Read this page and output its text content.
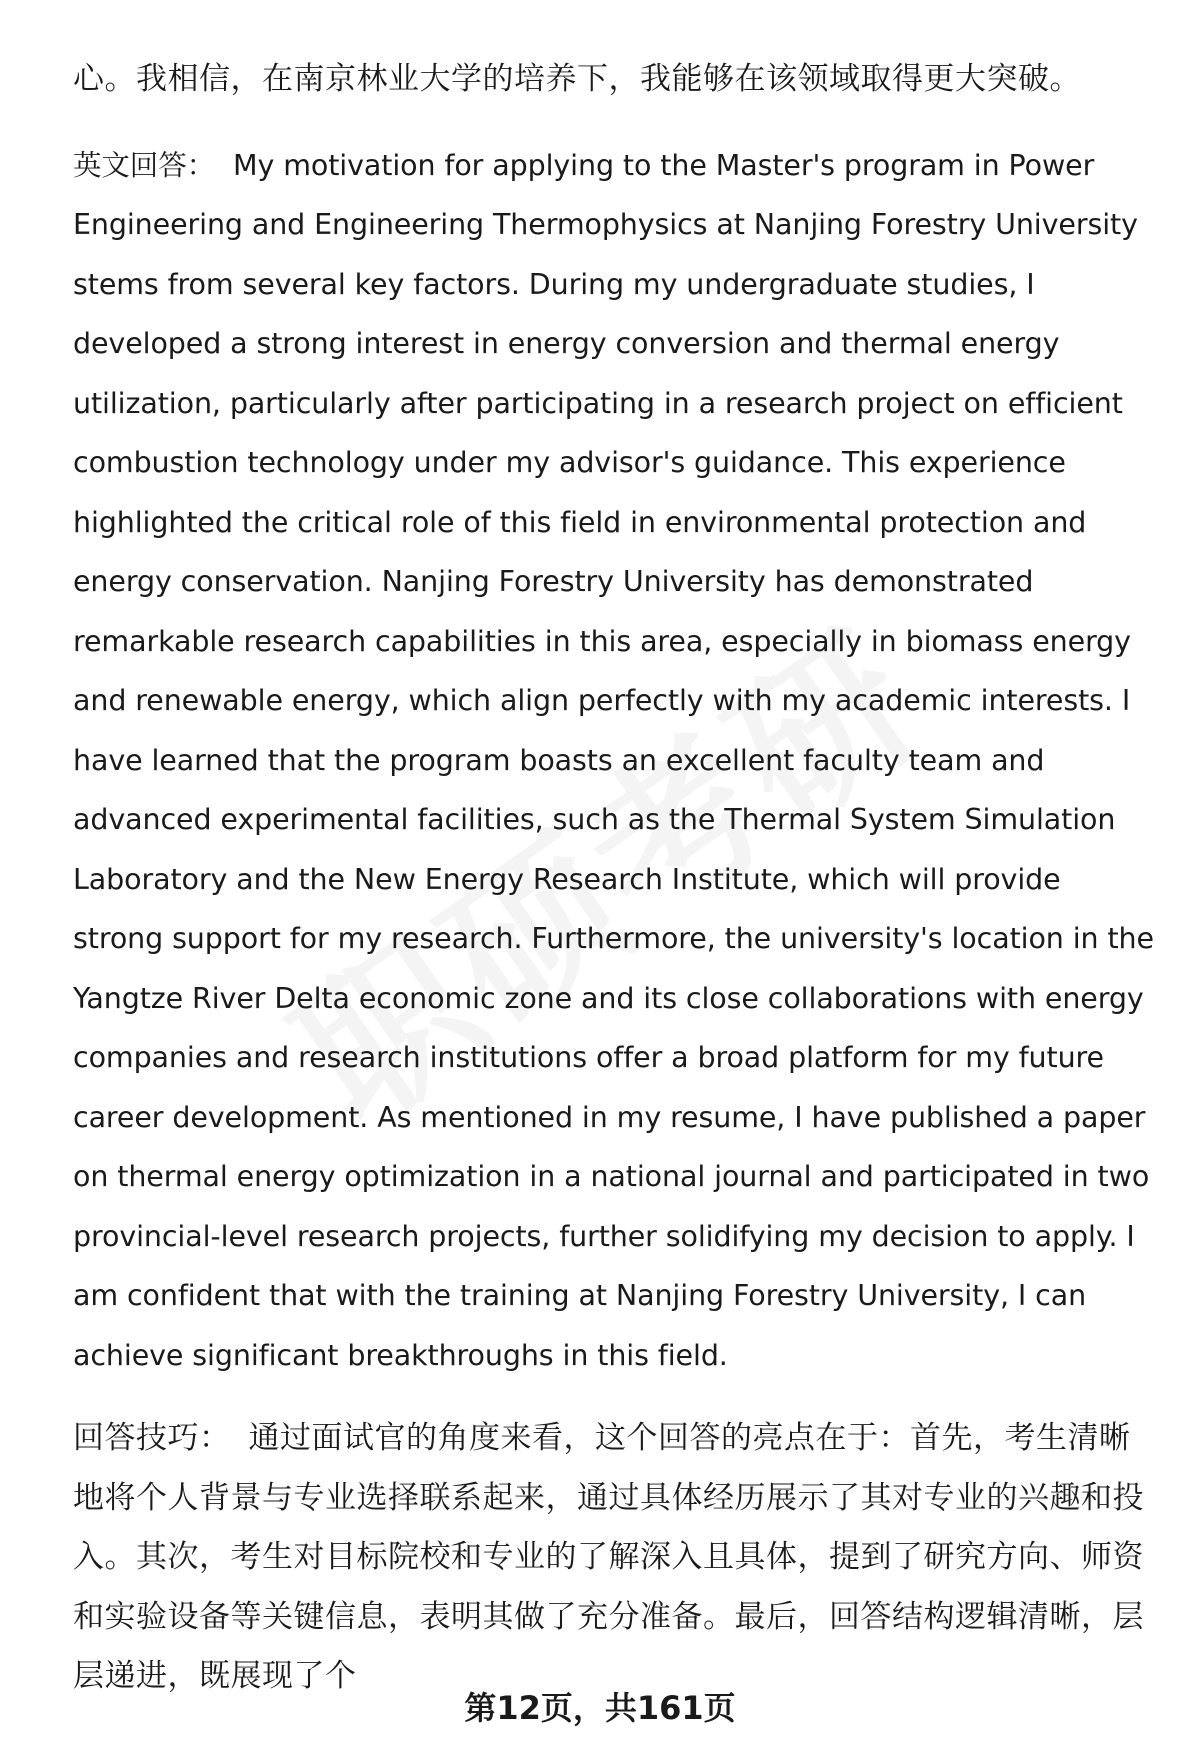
心。我相信，在南京林业大学的培养下，我能够在该领域取得更大突破。

英文回答： My motivation for applying to the Master's program in Power Engineering and Engineering Thermophysics at Nanjing Forestry University stems from several key factors. During my undergraduate studies, I developed a strong interest in energy conversion and thermal energy utilization, particularly after participating in a research project on efficient combustion technology under my advisor's guidance. This experience highlighted the critical role of this field in environmental protection and energy conservation. Nanjing Forestry University has demonstrated remarkable research capabilities in this area, especially in biomass energy and renewable energy, which align perfectly with my academic interests. I have learned that the program boasts an excellent faculty team and advanced experimental facilities, such as the Thermal System Simulation Laboratory and the New Energy Research Institute, which will provide strong support for my research. Furthermore, the university's location in the Yangtze River Delta economic zone and its close collaborations with energy companies and research institutions offer a broad platform for my future career development. As mentioned in my resume, I have published a paper on thermal energy optimization in a national journal and participated in two provincial-level research projects, further solidifying my decision to apply. I am confident that with the training at Nanjing Forestry University, I can achieve significant breakthroughs in this field.

回答技巧： 通过面试官的角度来看，这个回答的亮点在于：首先，考生清晰地将个人背景与专业选择联系起来，通过具体经历展示了其对专业的兴趣和投入。其次，考生对目标院校和专业的了解深入且具体，提到了研究方向、师资和实验设备等关键信息，表明其做了充分准备。最后，回答结构逻辑清晰，层层递进，既展现了个

第12页，共161页
